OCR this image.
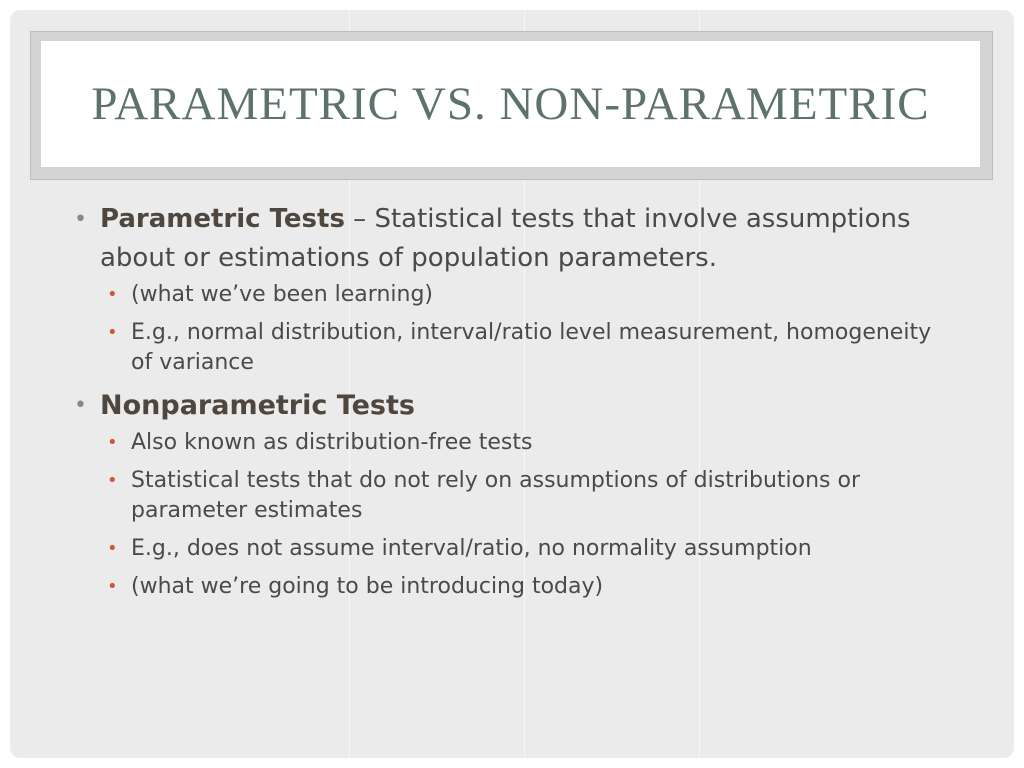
PARAMETRIC VS. NON-PARAMETRIC
• Parametric Tests – Statistical tests that involve assumptions about or estimations of population parameters.
• (what we’ve been learning)
• E.g., normal distribution, interval/ratio level measurement, homogeneity of variance
• Nonparametric Tests
• Also known as distribution-free tests
• Statistical tests that do not rely on assumptions of distributions or parameter estimates
• E.g., does not assume interval/ratio, no normality assumption
• (what we’re going to be introducing today)
